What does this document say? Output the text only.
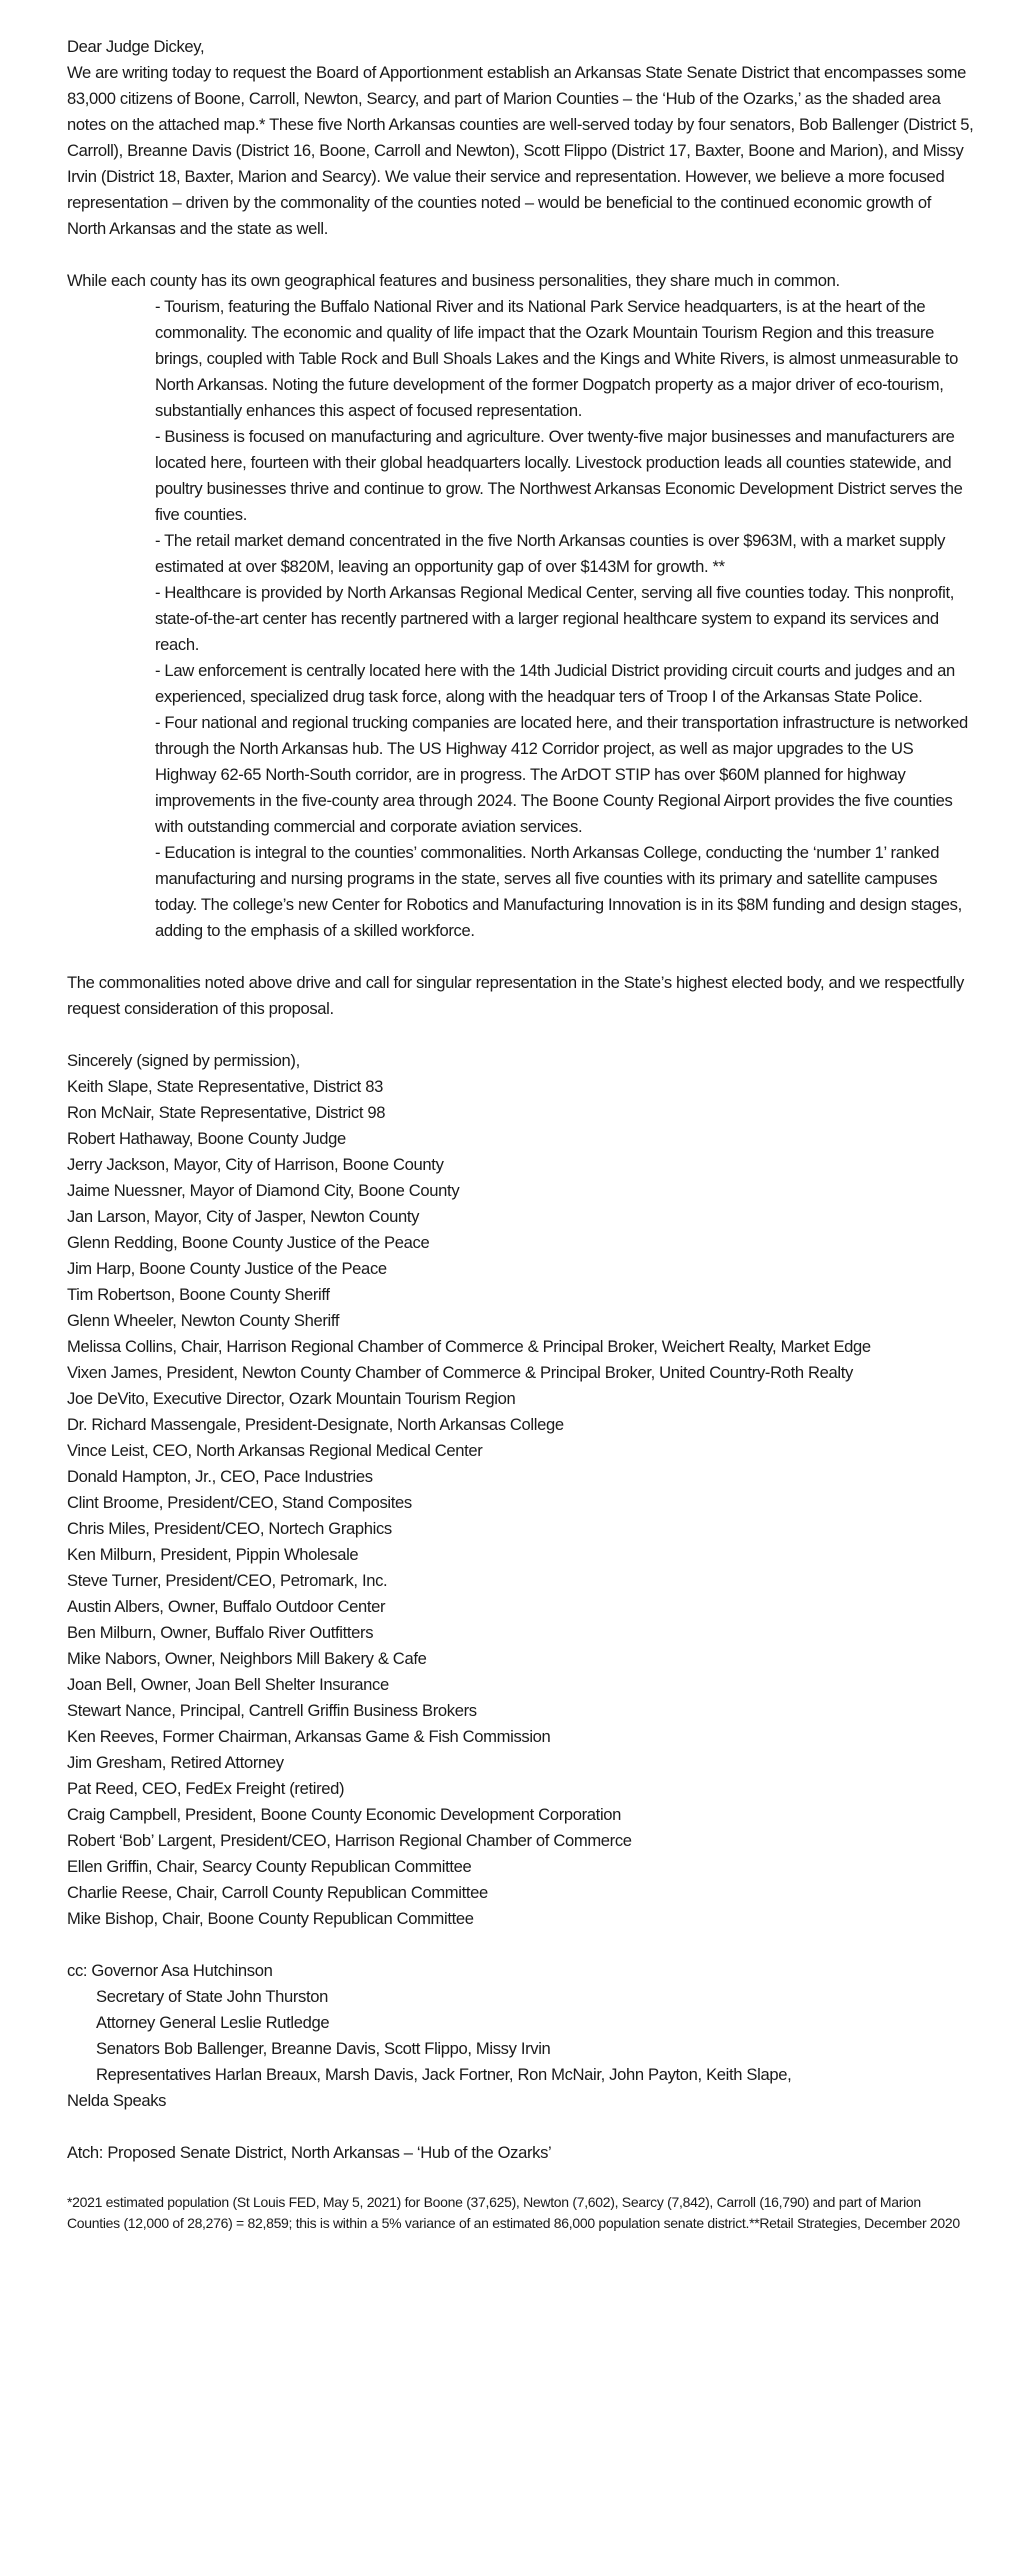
Dear Judge Dickey,

We are writing today to request the Board of Apportionment establish an Arkansas State Senate District that encompasses some 83,000 citizens of Boone, Carroll, Newton, Searcy, and part of Marion Counties – the ‘Hub of the Ozarks,’ as the shaded area notes on the attached map.* These five North Arkansas counties are well-served today by four senators, Bob Ballenger (District 5, Carroll), Breanne Davis (District 16, Boone, Carroll and Newton), Scott Flippo (District 17, Baxter, Boone and Marion), and Missy Irvin (District 18, Baxter, Marion and Searcy). We value their service and representation. However, we believe a more focused representation – driven by the commonality of the counties noted – would be beneficial to the continued economic growth of North Arkansas and the state as well.

While each county has its own geographical features and business personalities, they share much in common.

- Tourism, featuring the Buffalo National River and its National Park Service headquarters, is at the heart of the commonality. The economic and quality of life impact that the Ozark Mountain Tourism Region and this treasure brings, coupled with Table Rock and Bull Shoals Lakes and the Kings and White Rivers, is almost unmeasurable to North Arkansas. Noting the future development of the former Dogpatch property as a major driver of eco-tourism, substantially enhances this aspect of focused representation.

- Business is focused on manufacturing and agriculture. Over twenty-five major businesses and manufacturers are located here, fourteen with their global headquarters locally. Livestock production leads all counties statewide, and poultry businesses thrive and continue to grow. The Northwest Arkansas Economic Development District serves the five counties.

- The retail market demand concentrated in the five North Arkansas counties is over $963M, with a market supply estimated at over $820M, leaving an opportunity gap of over $143M for growth. **

- Healthcare is provided by North Arkansas Regional Medical Center, serving all five counties today. This nonprofit, state-of-the-art center has recently partnered with a larger regional healthcare system to expand its services and reach.

- Law enforcement is centrally located here with the 14th Judicial District providing circuit courts and judges and an experienced, specialized drug task force, along with the headquar ters of Troop I of the Arkansas State Police.

- Four national and regional trucking companies are located here, and their transportation infrastructure is networked through the North Arkansas hub. The US Highway 412 Corridor project, as well as major upgrades to the US Highway 62-65 North-South corridor, are in progress. The ArDOT STIP has over $60M planned for highway improvements in the five-county area through 2024. The Boone County Regional Airport provides the five counties with outstanding commercial and corporate aviation services.

- Education is integral to the counties’ commonalities. North Arkansas College, conducting the ‘number 1’ ranked manufacturing and nursing programs in the state, serves all five counties with its primary and satellite campuses today. The college’s new Center for Robotics and Manufacturing Innovation is in its $8M funding and design stages, adding to the emphasis of a skilled workforce.

The commonalities noted above drive and call for singular representation in the State’s highest elected body, and we respectfully request consideration of this proposal.

Sincerely (signed by permission),

Keith Slape, State Representative, District 83

Ron McNair, State Representative, District 98

Robert Hathaway, Boone County Judge

Jerry Jackson, Mayor, City of Harrison, Boone County

Jaime Nuessner, Mayor of Diamond City, Boone County

Jan Larson, Mayor, City of Jasper, Newton County

Glenn Redding, Boone County Justice of the Peace

Jim Harp, Boone County Justice of the Peace

Tim Robertson, Boone County Sheriff

Glenn Wheeler, Newton County Sheriff

Melissa Collins, Chair, Harrison Regional Chamber of Commerce & Principal Broker, Weichert Realty, Market Edge

Vixen James, President, Newton County Chamber of Commerce & Principal Broker, United Country-Roth Realty

Joe DeVito, Executive Director, Ozark Mountain Tourism Region

Dr. Richard Massengale, President-Designate, North Arkansas College

Vince Leist, CEO, North Arkansas Regional Medical Center

Donald Hampton, Jr., CEO, Pace Industries

Clint Broome, President/CEO, Stand Composites

Chris Miles, President/CEO, Nortech Graphics

Ken Milburn, President, Pippin Wholesale

Steve Turner, President/CEO, Petromark, Inc.

Austin Albers, Owner, Buffalo Outdoor Center

Ben Milburn, Owner, Buffalo River Outfitters

Mike Nabors, Owner, Neighbors Mill Bakery & Cafe

Joan Bell, Owner, Joan Bell Shelter Insurance

Stewart Nance, Principal, Cantrell Griffin Business Brokers

Ken Reeves, Former Chairman, Arkansas Game & Fish Commission

Jim Gresham, Retired Attorney

Pat Reed, CEO, FedEx Freight (retired)

Craig Campbell, President, Boone County Economic Development Corporation

Robert ‘Bob’ Largent, President/CEO, Harrison Regional Chamber of Commerce

Ellen Griffin, Chair, Searcy County Republican Committee

Charlie Reese, Chair, Carroll County Republican Committee

Mike Bishop, Chair, Boone County Republican Committee

cc: Governor Asa Hutchinson

Secretary of State John Thurston

Attorney General Leslie Rutledge

Senators Bob Ballenger, Breanne Davis, Scott Flippo, Missy Irvin

Representatives Harlan Breaux, Marsh Davis, Jack Fortner, Ron McNair, John Payton, Keith Slape,

Nelda Speaks

Atch: Proposed Senate District, North Arkansas – ‘Hub of the Ozarks’

*2021 estimated population (St Louis FED, May 5, 2021) for Boone (37,625), Newton (7,602), Searcy (7,842), Carroll (16,790) and part of Marion Counties (12,000 of 28,276) = 82,859; this is within a 5% variance of an estimated 86,000 population senate district.**Retail Strategies, December 2020
